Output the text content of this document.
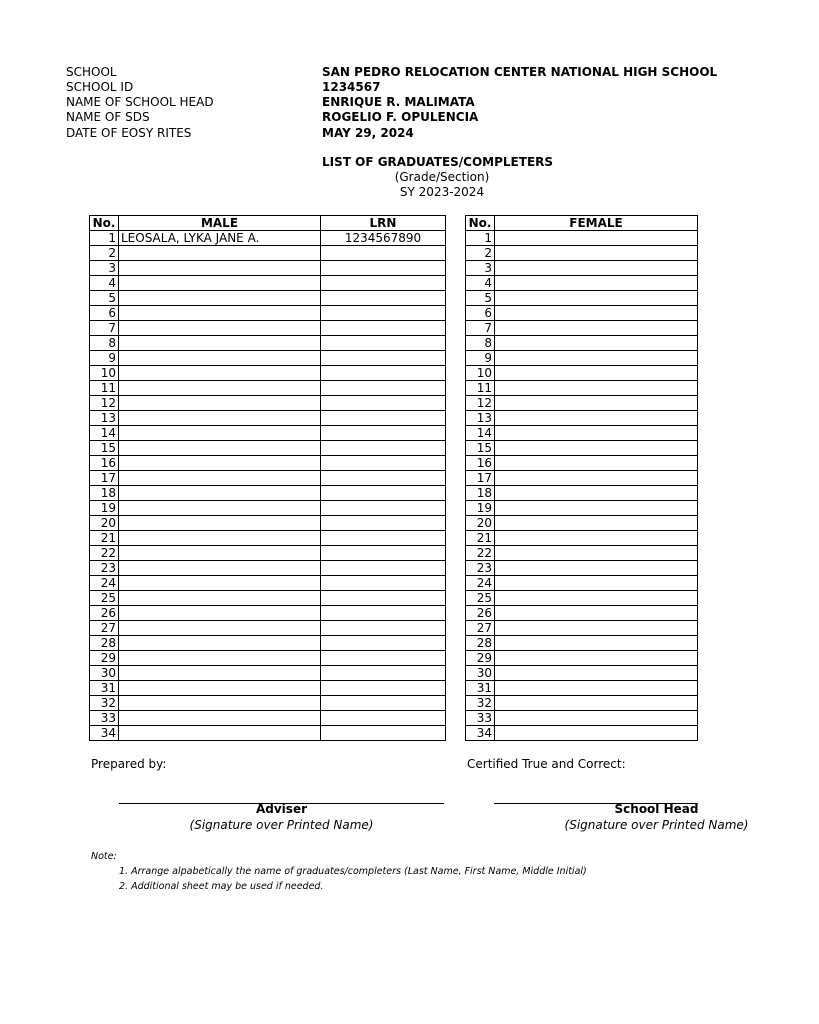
SCHOOL	SAN PEDRO RELOCATION CENTER NATIONAL HIGH SCHOOL
SCHOOL ID	1234567
NAME OF SCHOOL HEAD	ENRIQUE R. MALIMATA
NAME OF SDS	ROGELIO F. OPULENCIA
DATE OF EOSY RITES	MAY 29, 2024
LIST OF GRADUATES/COMPLETERS
(Grade/Section)
SY 2023-2024
No.	MALE	LRN
1	LEOSALA, LYKA JANE A.	1234567890
2		
3		
4		
5		
6		
7		
8		
9		
10		
11		
12		
13		
14		
15		
16		
17		
18		
19		
20		
21		
22		
23		
24		
25		
26		
27		
28		
29		
30		
31		
32		
33		
34		
No.	FEMALE
1	
2	
3	
4	
5	
6	
7	
8	
9	
10	
11	
12	
13	
14	
15	
16	
17	
18	
19	
20	
21	
22	
23	
24	
25	
26	
27	
28	
29	
30	
31	
32	
33	
34	
Prepared by:	Certified True and Correct:
Adviser
(Signature over Printed Name)
School Head
(Signature over Printed Name)
Note:
1. Arrange alpabetically the name of graduates/completers (Last Name, First Name, Middle Initial)
2. Additional sheet may be used if needed.
